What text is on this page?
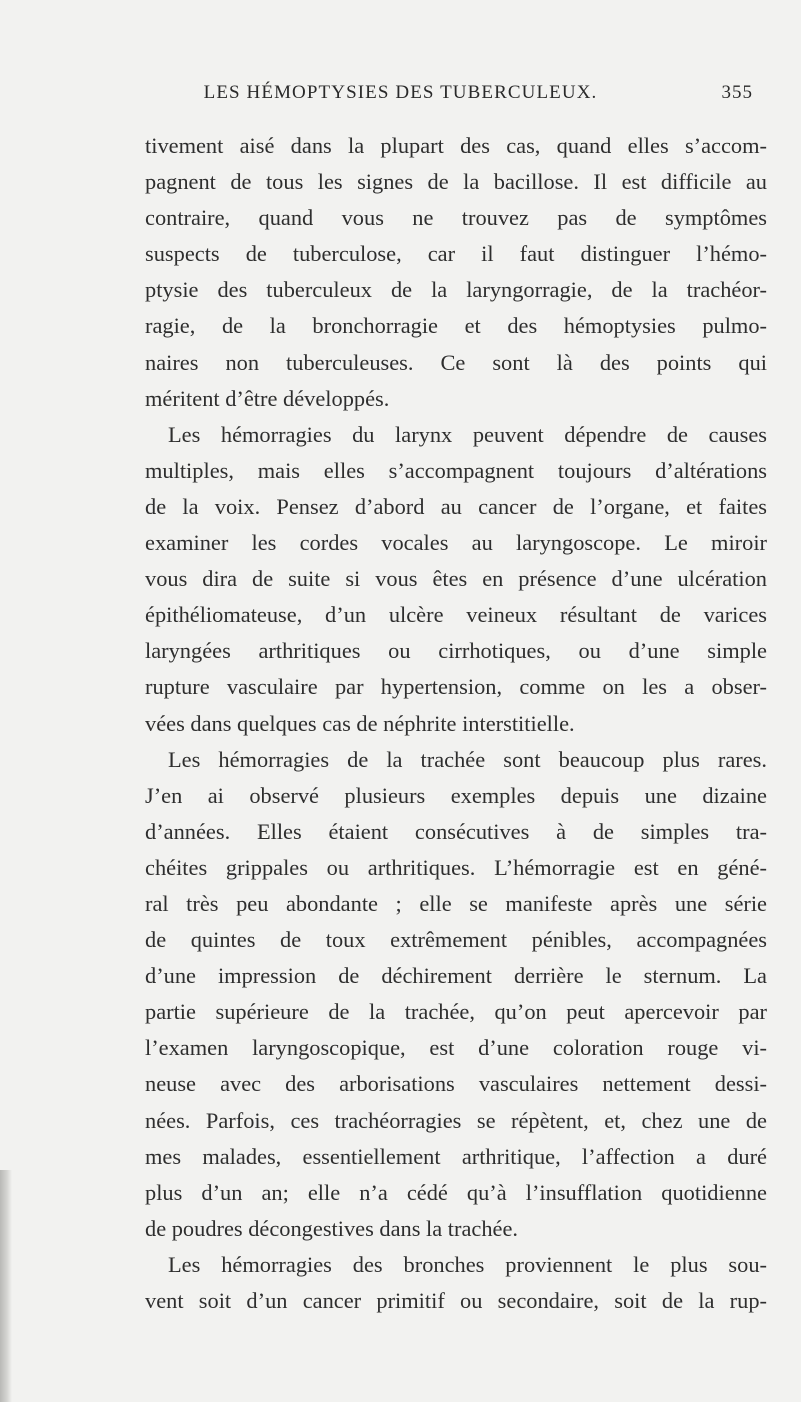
LES HÉMOPTYSIES DES TUBERCULEUX.	355
tivement aisé dans la plupart des cas, quand elles s’accom-
pagnent de tous les signes de la bacillose. Il est difficile au
contraire, quand vous ne trouvez pas de symptômes
suspects de tuberculose, car il faut distinguer l’hémo-
ptysie des tuberculeux de la laryngorragie, de la trachéor-
ragie, de la bronchorragie et des hémoptysies pulmo-
naires non tuberculeuses. Ce sont là des points qui
méritent d’être développés.
Les hémorragies du larynx peuvent dépendre de causes
multiples, mais elles s’accompagnent toujours d’altérations
de la voix. Pensez d’abord au cancer de l’organe, et faites
examiner les cordes vocales au laryngoscope. Le miroir
vous dira de suite si vous êtes en présence d’une ulcération
épithéliomateuse, d’un ulcère veineux résultant de varices
laryngées arthritiques ou cirrhotiques, ou d’une simple
rupture vasculaire par hypertension, comme on les a obser-
vées dans quelques cas de néphrite interstitielle.
Les hémorragies de la trachée sont beaucoup plus rares.
J’en ai observé plusieurs exemples depuis une dizaine
d’années. Elles étaient consécutives à de simples tra-
chéites grippales ou arthritiques. L’hémorragie est en géné-
ral très peu abondante ; elle se manifeste après une série
de quintes de toux extrêmement pénibles, accompagnées
d’une impression de déchirement derrière le sternum. La
partie supérieure de la trachée, qu’on peut apercevoir par
l’examen laryngoscopique, est d’une coloration rouge vi-
neuse avec des arborisations vasculaires nettement dessi-
nées. Parfois, ces trachéorragies se répètent, et, chez une de
mes malades, essentiellement arthritique, l’affection a duré
plus d’un an; elle n’a cédé qu’à l’insufflation quotidienne
de poudres décongestives dans la trachée.
Les hémorragies des bronches proviennent le plus sou-
vent soit d’un cancer primitif ou secondaire, soit de la rup-
